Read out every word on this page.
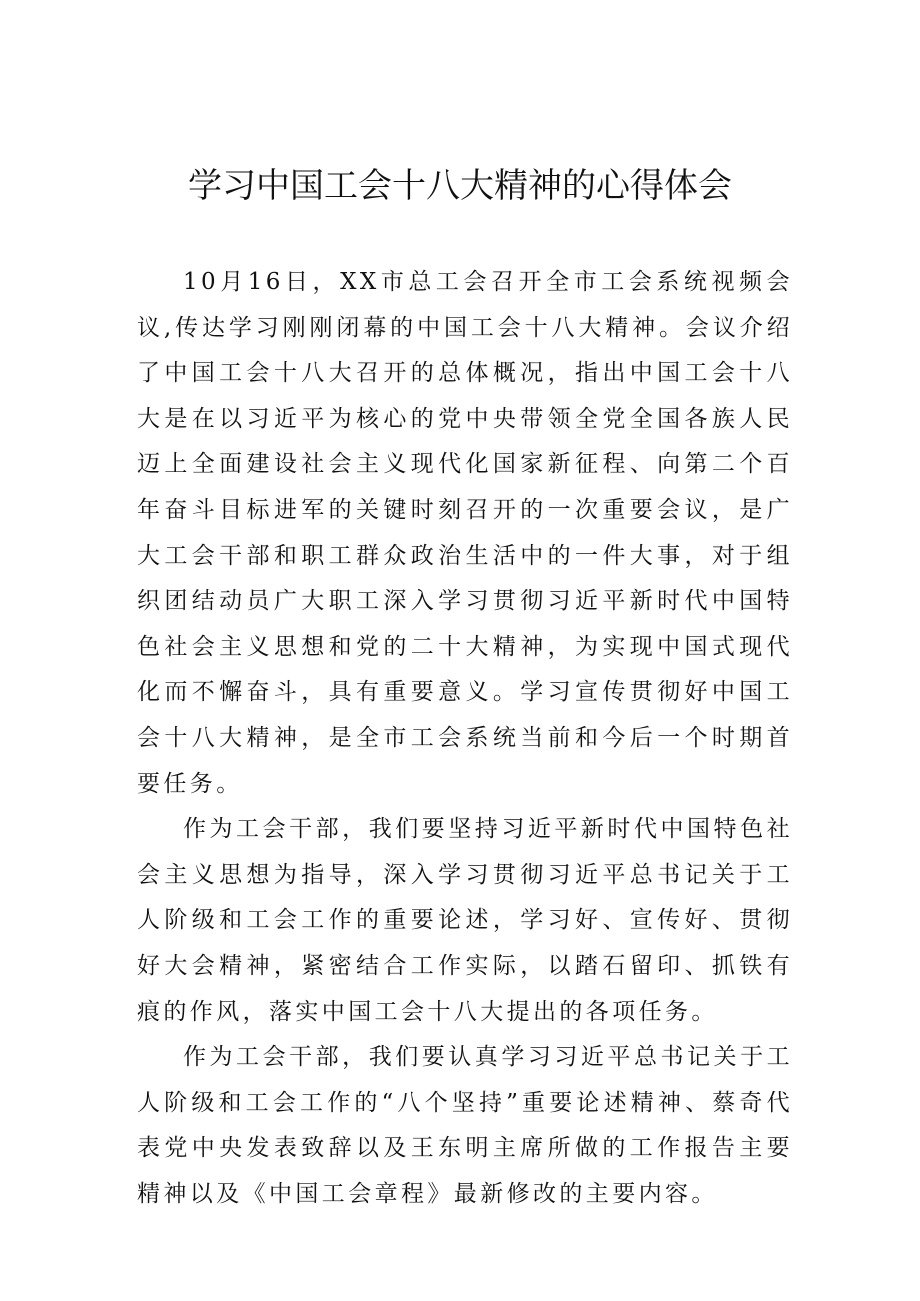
学习中国工会十八大精神的心得体会

10月16日，XX市总工会召开全市工会系统视频会议,传达学习刚刚闭幕的中国工会十八大精神。会议介绍了中国工会十八大召开的总体概况，指出中国工会十八大是在以习近平为核心的党中央带领全党全国各族人民迈上全面建设社会主义现代化国家新征程、向第二个百年奋斗目标进军的关键时刻召开的一次重要会议，是广大工会干部和职工群众政治生活中的一件大事，对于组织团结动员广大职工深入学习贯彻习近平新时代中国特色社会主义思想和党的二十大精神，为实现中国式现代化而不懈奋斗，具有重要意义。学习宣传贯彻好中国工会十八大精神，是全市工会系统当前和今后一个时期首要任务。

作为工会干部，我们要坚持习近平新时代中国特色社会主义思想为指导，深入学习贯彻习近平总书记关于工人阶级和工会工作的重要论述，学习好、宣传好、贯彻好大会精神，紧密结合工作实际，以踏石留印、抓铁有痕的作风，落实中国工会十八大提出的各项任务。

作为工会干部，我们要认真学习习近平总书记关于工人阶级和工会工作的“八个坚持”重要论述精神、蔡奇代表党中央发表致辞以及王东明主席所做的工作报告主要精神以及《中国工会章程》最新修改的主要内容。
